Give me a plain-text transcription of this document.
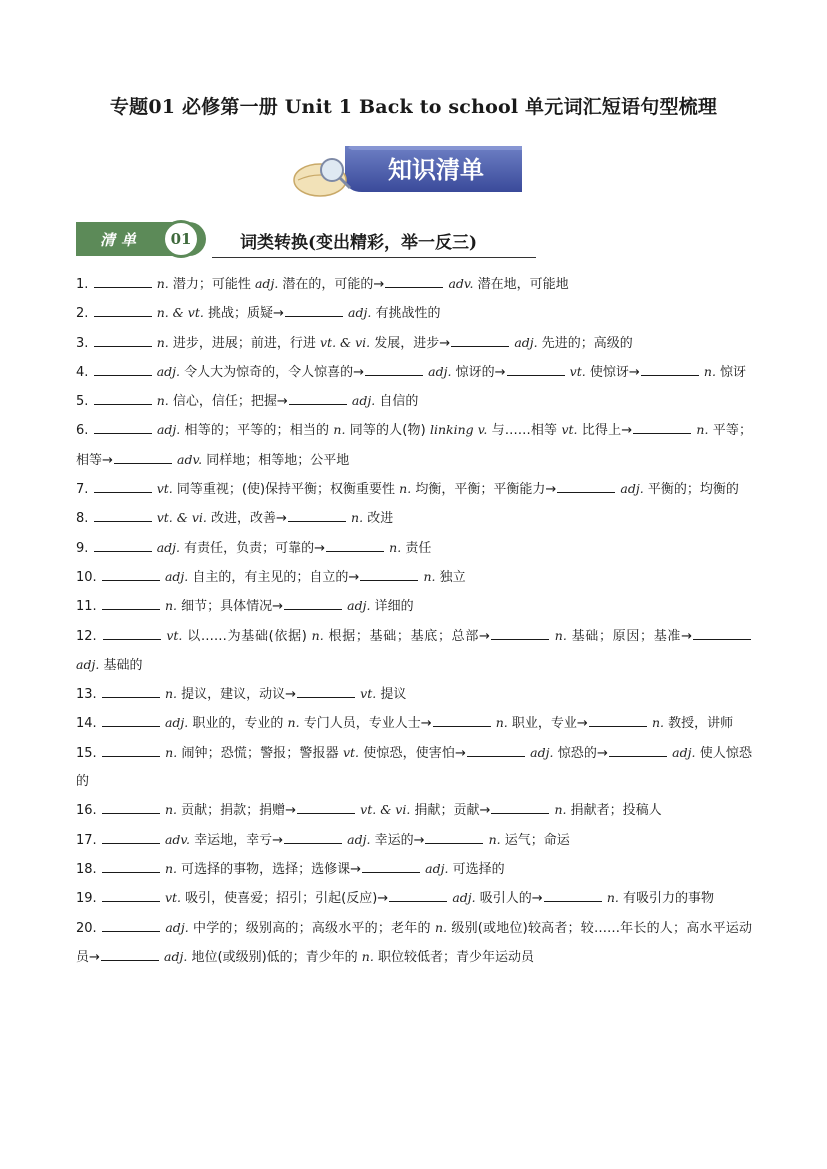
专题01 必修第一册 Unit 1 Back to school 单元词汇短语句型梳理
知识清单
清单	01	词类转换(变出精彩，举一反三)

1.	n. 潜力；可能性 adj. 潜在的，可能的→	adv. 潜在地，可能地

2.	n. & vt. 挑战；质疑→	adj. 有挑战性的

3.	n. 进步，进展；前进，行进 vt. & vi. 发展，进步→	adj. 先进的；高级的

4.	adj. 令人大为惊奇的，令人惊喜的→	adj. 惊讶的→	vt. 使惊讶→	n. 惊讶

5.	n. 信心，信任；把握→	adj. 自信的

6.	adj. 相等的；平等的；相当的 n. 同等的人(物) linking v. 与……相等 vt. 比得上→	n. 平等；相等→	adv. 同样地；相等地；公平地

7.	vt. 同等重视；(使)保持平衡；权衡重要性 n. 均衡，平衡；平衡能力→	adj. 平衡的；均衡的

8.	vt. & vi. 改进，改善→	n. 改进

9.	adj. 有责任，负责；可靠的→	n. 责任

10.	adj. 自主的，有主见的；自立的→	n. 独立

11.	n. 细节；具体情况→	adj. 详细的

12.	vt. 以……为基础(依据) n. 根据；基础；基底；总部→	n. 基础；原因；基准→ adj. 基础的

13.	n. 提议，建议，动议→	vt. 提议

14.	adj. 职业的，专业的 n. 专门人员，专业人士→	n. 职业，专业→	n. 教授，讲师

15.	n. 闹钟；恐慌；警报；警报器 vt. 使惊恐，使害怕→	adj. 惊恐的→	adj. 使人惊恐的

16.	n. 贡献；捐款；捐赠→	vt. & vi. 捐献；贡献→	n. 捐献者；投稿人

17.	adv. 幸运地，幸亏→	adj. 幸运的→	n. 运气；命运

18.	n. 可选择的事物，选择；选修课→	adj. 可选择的

19.	vt. 吸引，使喜爱；招引；引起(反应)→	adj. 吸引人的→	n. 有吸引力的事物

20.	adj. 中学的；级别高的；高级水平的；老年的 n. 级别(或地位)较高者；较……年长的人；高水平运动员→	adj. 地位(或级别)低的；青少年的 n. 职位较低者；青少年运动员
